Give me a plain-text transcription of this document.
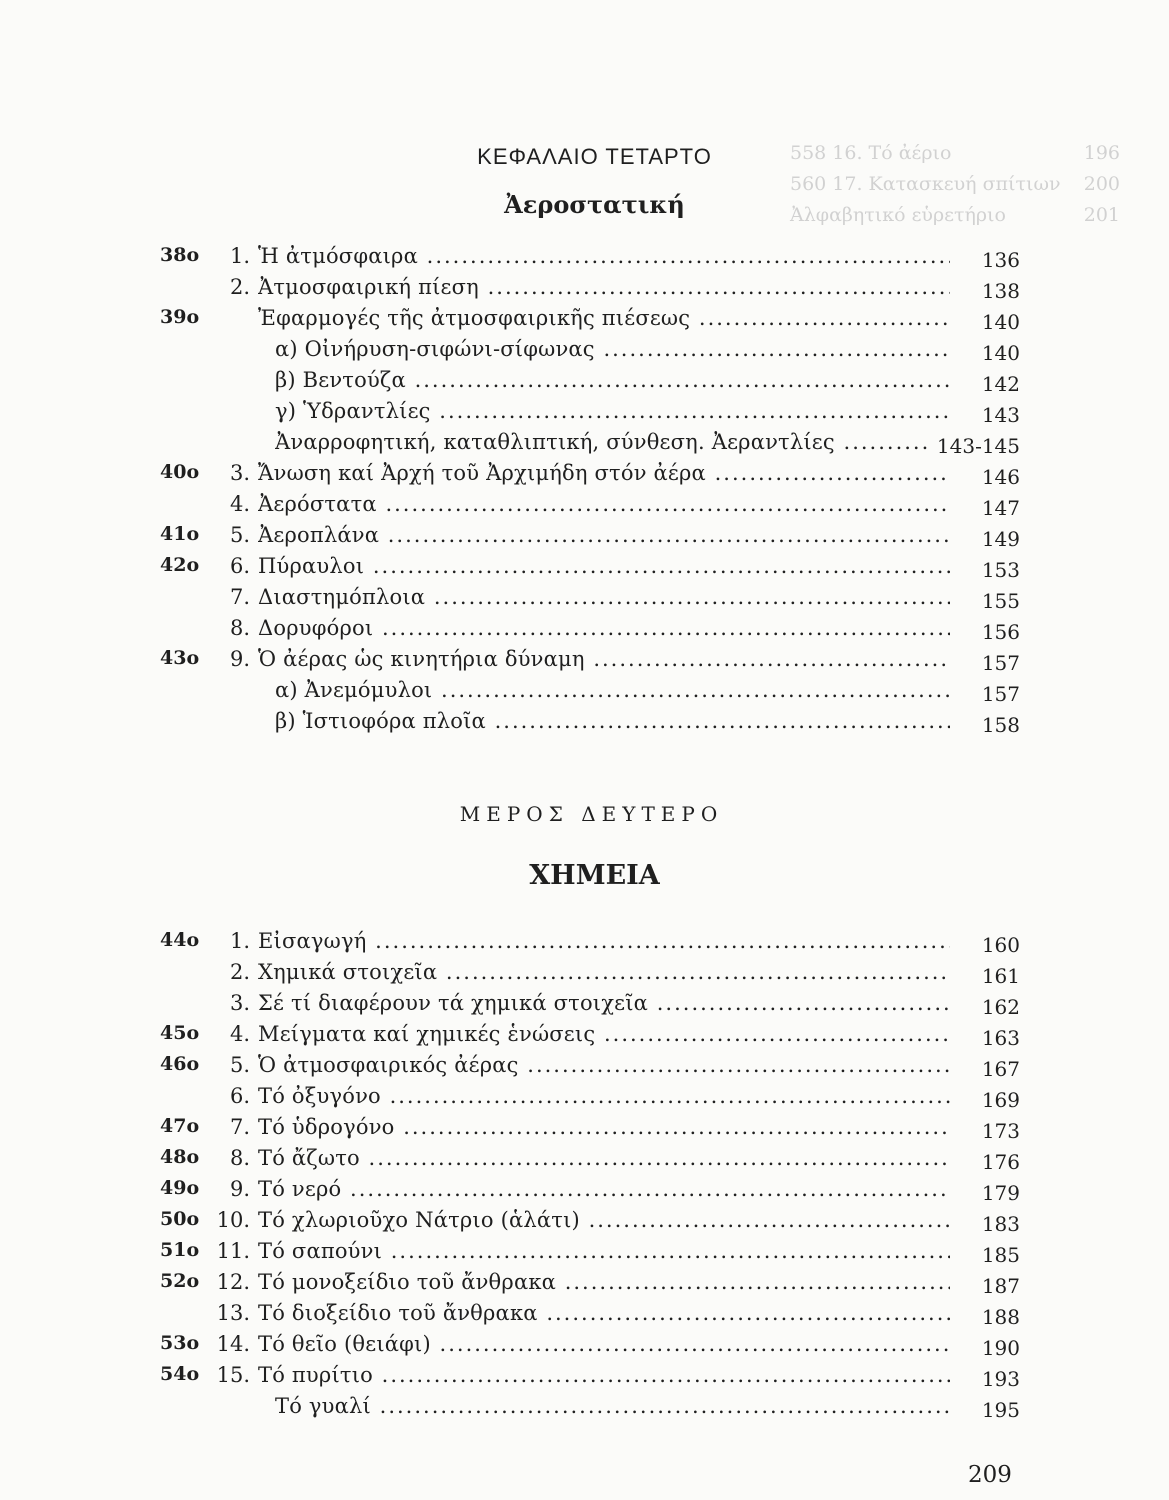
558 16. Τό ἀέριο	196
560 17. Κατασκευή σπίτιων 200
Ἀλφαβητικό εὑρετήριο	201
ΚΕΦΑΛΑΙΟ ΤΕΤΑΡΤΟ
Ἀεροστατική
38ο	1. Ἡ ἀτμόσφαιρα .....	136
2. Ἀτμοσφαιρική πίεση .....	138
39ο	Ἐφαρμογές τῆς ἀτμοσφαιρικῆς πιέσεως .....	140
α) Οἰνήρυση-σιφώνι-σίφωνας .....	140
β) Βεντούζα .....	142
γ) Ὑδραντλίες .....	143
Ἀναρροφητική, καταθλιπτική, σύνθεση. Ἀεραντλίες .....	143-145
40ο	3. Ἄνωση καί Ἀρχή τοῦ Ἀρχιμήδη στόν ἀέρα .....	146
4. Ἀερόστατα .....	147
41ο	5. Ἀεροπλάνα .....	149
42ο	6. Πύραυλοι .....	153
7. Διαστημόπλοια .....	155
8. Δορυφόροι .....	156
43ο	9. Ὁ ἀέρας ὡς κινητήρια δύναμη .....	157
α) Ἀνεμόμυλοι .....	157
β) Ἱστιοφόρα πλοῖα .....	158
ΜΕΡΟΣ ΔΕΥΤΕΡΟ
ΧΗΜΕΙΑ
44ο	1. Εἰσαγωγή .....	160
2. Χημικά στοιχεῖα .....	161
3. Σέ τί διαφέρουν τά χημικά στοιχεῖα .....	162
45ο	4. Μείγματα καί χημικές ἑνώσεις .....	163
46ο	5. Ὁ ἀτμοσφαιρικός ἀέρας .....	167
6. Τό ὀξυγόνο .....	169
47ο	7. Τό ὑδρογόνο .....	173
48ο	8. Τό ἄζωτο .....	176
49ο	9. Τό νερό .....	179
50ο 10. Τό χλωριοῦχο Νάτριο (ἁλάτι) .....	183
51ο 11. Τό σαπούνι .....	185
52ο 12. Τό μονοξείδιο τοῦ ἄνθρακα .....	187
13. Τό διοξείδιο τοῦ ἄνθρακα .....	188
53ο 14. Τό θεῖο (θειάφι) .....	190
54ο 15. Τό πυρίτιο .....	193
Τό γυαλί .....	195
209
